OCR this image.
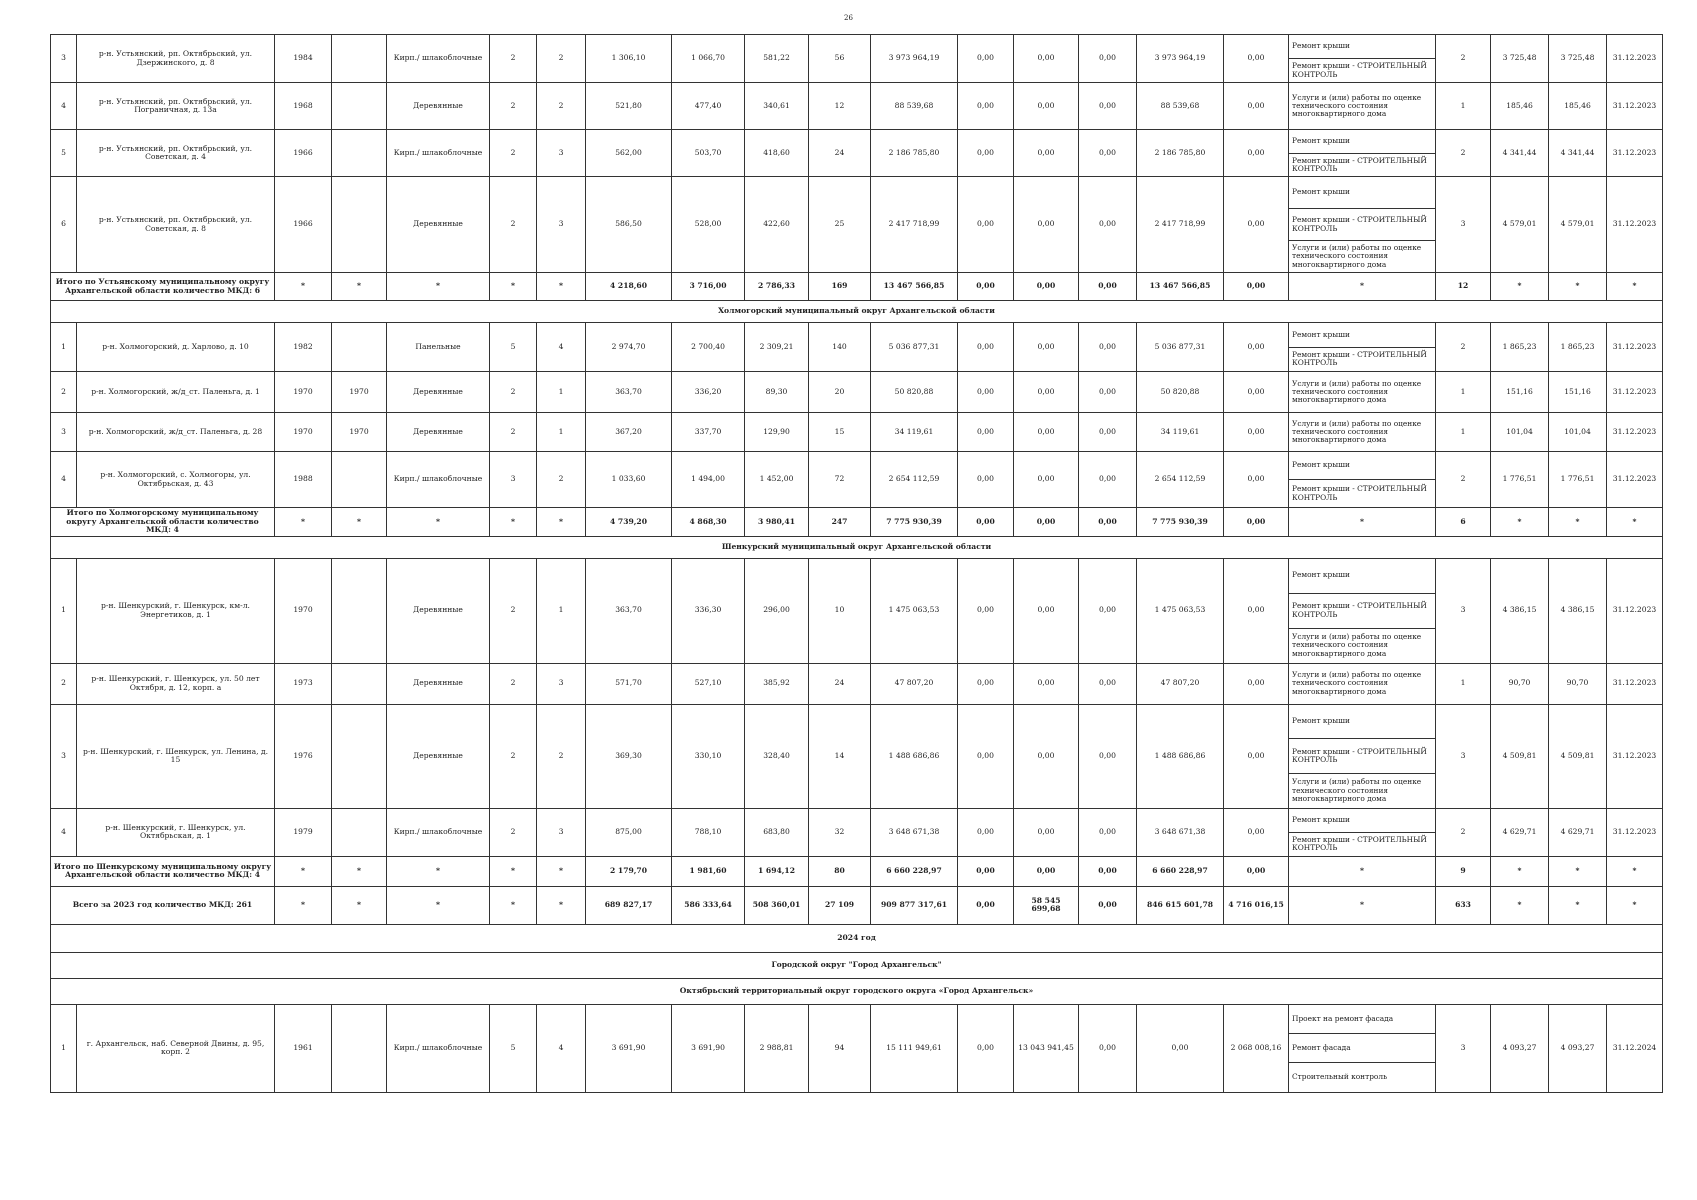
26
3	р-н. Устьянский, рп. Октябрьский, ул. Дзержинского, д. 8	1984		Кирп./ шлакоблочные	2	2	1 306,10	1 066,70	581,22	56	3 973 964,19	0,00	0,00	0,00	3 973 964,19	0,00	Ремонт крыши
Ремонт крыши - СТРОИТЕЛЬНЫЙ КОНТРОЛЬ	2	3 725,48	3 725,48	31.12.2023
4	р-н. Устьянский, рп. Октябрьский, ул. Пограничная, д. 13а	1968		Деревянные	2	2	521,80	477,40	340,61	12	88 539,68	0,00	0,00	0,00	88 539,68	0,00	Услуги и (или) работы по оценке технического состояния многоквартирного дома	1	185,46	185,46	31.12.2023
5	р-н. Устьянский, рп. Октябрьский, ул. Советская, д. 4	1966		Кирп./ шлакоблочные	2	3	562,00	503,70	418,60	24	2 186 785,80	0,00	0,00	0,00	2 186 785,80	0,00	Ремонт крыши
Ремонт крыши - СТРОИТЕЛЬНЫЙ КОНТРОЛЬ	2	4 341,44	4 341,44	31.12.2023
6	р-н. Устьянский, рп. Октябрьский, ул. Советская, д. 8	1966		Деревянные	2	3	586,50	528,00	422,60	25	2 417 718,99	0,00	0,00	0,00	2 417 718,99	0,00	Ремонт крыши
Ремонт крыши - СТРОИТЕЛЬНЫЙ КОНТРОЛЬ
Услуги и (или) работы по оценке технического состояния многоквартирного дома	3	4 579,01	4 579,01	31.12.2023
Итого по Устьянскому муниципальному округу Архангельской области количество МКД: 6		*	*	*	*	*	4 218,60	3 716,00	2 786,33	169	13 467 566,85	0,00	0,00	0,00	13 467 566,85	0,00	*	12	*	*	*
Холмогорский муниципальный округ Архангельской области																					
1	р-н. Холмогорский, д. Харлово, д. 10	1982		Панельные	5	4	2 974,70	2 700,40	2 309,21	140	5 036 877,31	0,00	0,00	0,00	5 036 877,31	0,00	Ремонт крыши
Ремонт крыши - СТРОИТЕЛЬНЫЙ КОНТРОЛЬ	2	1 865,23	1 865,23	31.12.2023
2	р-н. Холмогорский, ж/д_ст. Паленьга, д. 1	1970	1970	Деревянные	2	1	363,70	336,20	89,30	20	50 820,88	0,00	0,00	0,00	50 820,88	0,00	Услуги и (или) работы по оценке технического состояния многоквартирного дома	1	151,16	151,16	31.12.2023
3	р-н. Холмогорский, ж/д_ст. Паленьга, д. 28	1970	1970	Деревянные	2	1	367,20	337,70	129,90	15	34 119,61	0,00	0,00	0,00	34 119,61	0,00	Услуги и (или) работы по оценке технического состояния многоквартирного дома	1	101,04	101,04	31.12.2023
4	р-н. Холмогорский, с. Холмогоры, ул. Октябрьская, д. 43	1988		Кирп./ шлакоблочные	3	2	1 033,60	1 494,00	1 452,00	72	2 654 112,59	0,00	0,00	0,00	2 654 112,59	0,00	Ремонт крыши
Ремонт крыши - СТРОИТЕЛЬНЫЙ КОНТРОЛЬ	2	1 776,51	1 776,51	31.12.2023
Итого по Холмогорскому муниципальному округу Архангельской области количество МКД: 4		*	*	*	*	*	4 739,20	4 868,30	3 980,41	247	7 775 930,39	0,00	0,00	0,00	7 775 930,39	0,00	*	6	*	*	*
Шенкурский муниципальный округ Архангельской области																					
1	р-н. Шенкурский, г. Шенкурск, км-л. Энергетиков, д. 1	1970		Деревянные	2	1	363,70	336,30	296,00	10	1 475 063,53	0,00	0,00	0,00	1 475 063,53	0,00	Ремонт крыши
Ремонт крыши - СТРОИТЕЛЬНЫЙ КОНТРОЛЬ
Услуги и (или) работы по оценке технического состояния многоквартирного дома	3	4 386,15	4 386,15	31.12.2023
2	р-н. Шенкурский, г. Шенкурск, ул. 50 лет Октября, д. 12, корп. а	1973		Деревянные	2	3	571,70	527,10	385,92	24	47 807,20	0,00	0,00	0,00	47 807,20	0,00	Услуги и (или) работы по оценке технического состояния многоквартирного дома	1	90,70	90,70	31.12.2023
3	р-н. Шенкурский, г. Шенкурск, ул. Ленина, д. 15	1976		Деревянные	2	2	369,30	330,10	328,40	14	1 488 686,86	0,00	0,00	0,00	1 488 686,86	0,00	Ремонт крыши
Ремонт крыши - СТРОИТЕЛЬНЫЙ КОНТРОЛЬ
Услуги и (или) работы по оценке технического состояния многоквартирного дома	3	4 509,81	4 509,81	31.12.2023
4	р-н. Шенкурский, г. Шенкурск, ул. Октябрьская, д. 1	1979		Кирп./ шлакоблочные	2	3	875,00	788,10	683,80	32	3 648 671,38	0,00	0,00	0,00	3 648 671,38	0,00	Ремонт крыши
Ремонт крыши - СТРОИТЕЛЬНЫЙ КОНТРОЛЬ	2	4 629,71	4 629,71	31.12.2023
Итого по Шенкурскому муниципальному округу Архангельской области количество МКД: 4		*	*	*	*	*	2 179,70	1 981,60	1 694,12	80	6 660 228,97	0,00	0,00	0,00	6 660 228,97	0,00	*	9	*	*	*
Всего за 2023 год количество МКД: 261		*	*	*	*	*	689 827,17	586 333,64	508 360,01	27 109	909 877 317,61	0,00	58 545 699,68	0,00	846 615 601,78	4 716 016,15	*	633	*	*	*
2024 год																					
Городской округ "Город Архангельск"																					
Октябрьский территориальный округ городского округа «Город Архангельск»																					
1	г. Архангельск, наб. Северной Двины, д. 95, корп. 2	1961		Кирп./ шлакоблочные	5	4	3 691,90	3 691,90	2 988,81	94	15 111 949,61	0,00	13 043 941,45	0,00	0,00	2 068 008,16	Проект на ремонт фасада
Ремонт фасада
Строительный контроль	3	4 093,27	4 093,27	31.12.2024
